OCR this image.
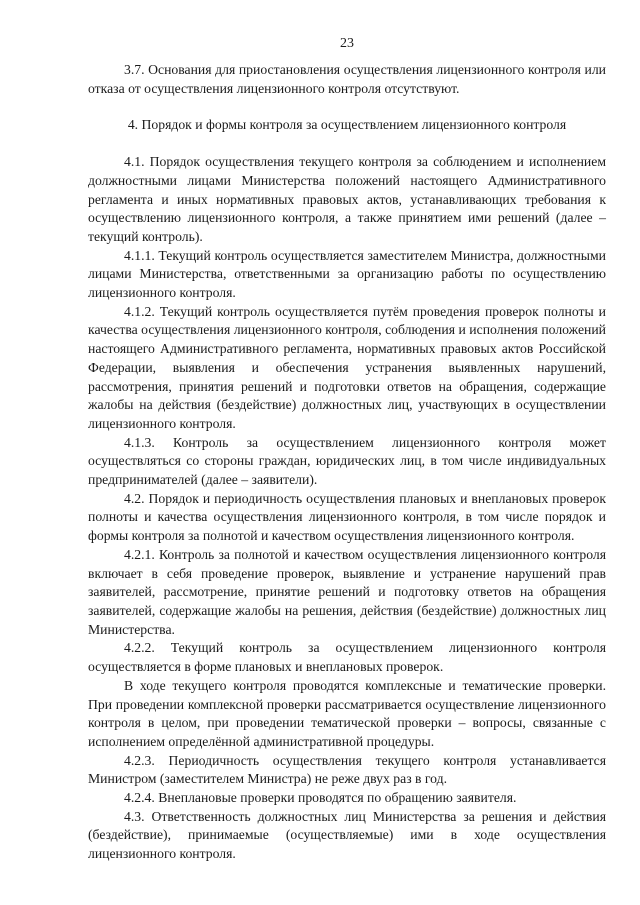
23

3.7. Основания для приостановления осуществления лицензионного контроля или отказа от осуществления лицензионного контроля отсутствуют.

4. Порядок и формы контроля за осуществлением лицензионного контроля

4.1. Порядок осуществления текущего контроля за соблюдением и исполнением должностными лицами Министерства положений настоящего Административного регламента и иных нормативных правовых актов, устанавливающих требования к осуществлению лицензионного контроля, а также принятием ими решений (далее – текущий контроль).

4.1.1. Текущий контроль осуществляется заместителем Министра, должностными лицами Министерства, ответственными за организацию работы по осуществлению лицензионного контроля.

4.1.2. Текущий контроль осуществляется путём проведения проверок полноты и качества осуществления лицензионного контроля, соблюдения и исполнения положений настоящего Административного регламента, нормативных правовых актов Российской Федерации, выявления и обеспечения устранения выявленных нарушений, рассмотрения, принятия решений и подготовки ответов на обращения, содержащие жалобы на действия (бездействие) должностных лиц, участвующих в осуществлении лицензионного контроля.

4.1.3. Контроль за осуществлением лицензионного контроля может осуществляться со стороны граждан, юридических лиц, в том числе индивидуальных предпринимателей (далее – заявители).

4.2. Порядок и периодичность осуществления плановых и внеплановых проверок полноты и качества осуществления лицензионного контроля, в том числе порядок и формы контроля за полнотой и качеством осуществления лицензионного контроля.

4.2.1. Контроль за полнотой и качеством осуществления лицензионного контроля включает в себя проведение проверок, выявление и устранение нарушений прав заявителей, рассмотрение, принятие решений и подготовку ответов на обращения заявителей, содержащие жалобы на решения, действия (бездействие) должностных лиц Министерства.

4.2.2. Текущий контроль за осуществлением лицензионного контроля осуществляется в форме плановых и внеплановых проверок.

В ходе текущего контроля проводятся комплексные и тематические проверки. При проведении комплексной проверки рассматривается осуществление лицензионного контроля в целом, при проведении тематической проверки – вопросы, связанные с исполнением определённой административной процедуры.

4.2.3. Периодичность осуществления текущего контроля устанавливается Министром (заместителем Министра) не реже двух раз в год.

4.2.4. Внеплановые проверки проводятся по обращению заявителя.

4.3. Ответственность должностных лиц Министерства за решения и действия (бездействие), принимаемые (осуществляемые) ими в ходе осуществления лицензионного контроля.
